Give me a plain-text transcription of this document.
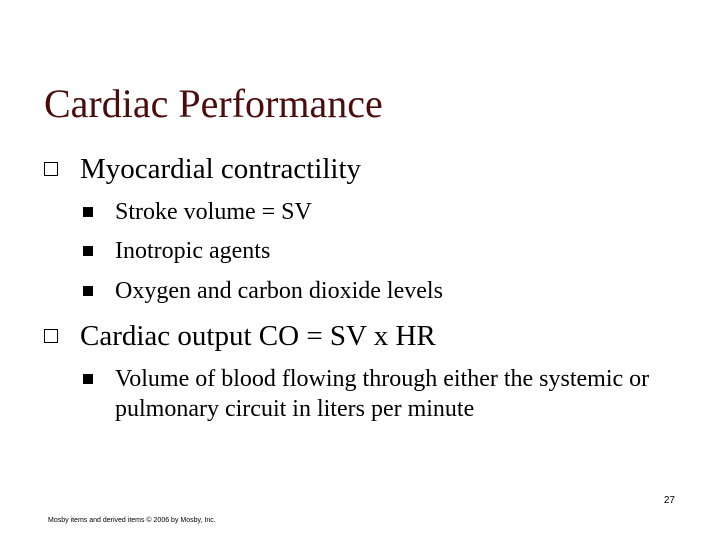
Cardiac Performance
Myocardial contractility
Stroke volume = SV
Inotropic agents
Oxygen and carbon dioxide levels
Cardiac output CO = SV x HR
Volume of blood flowing through either the systemic or pulmonary circuit in liters per minute
27
Mosby items and derived items © 2006 by Mosby, Inc.
